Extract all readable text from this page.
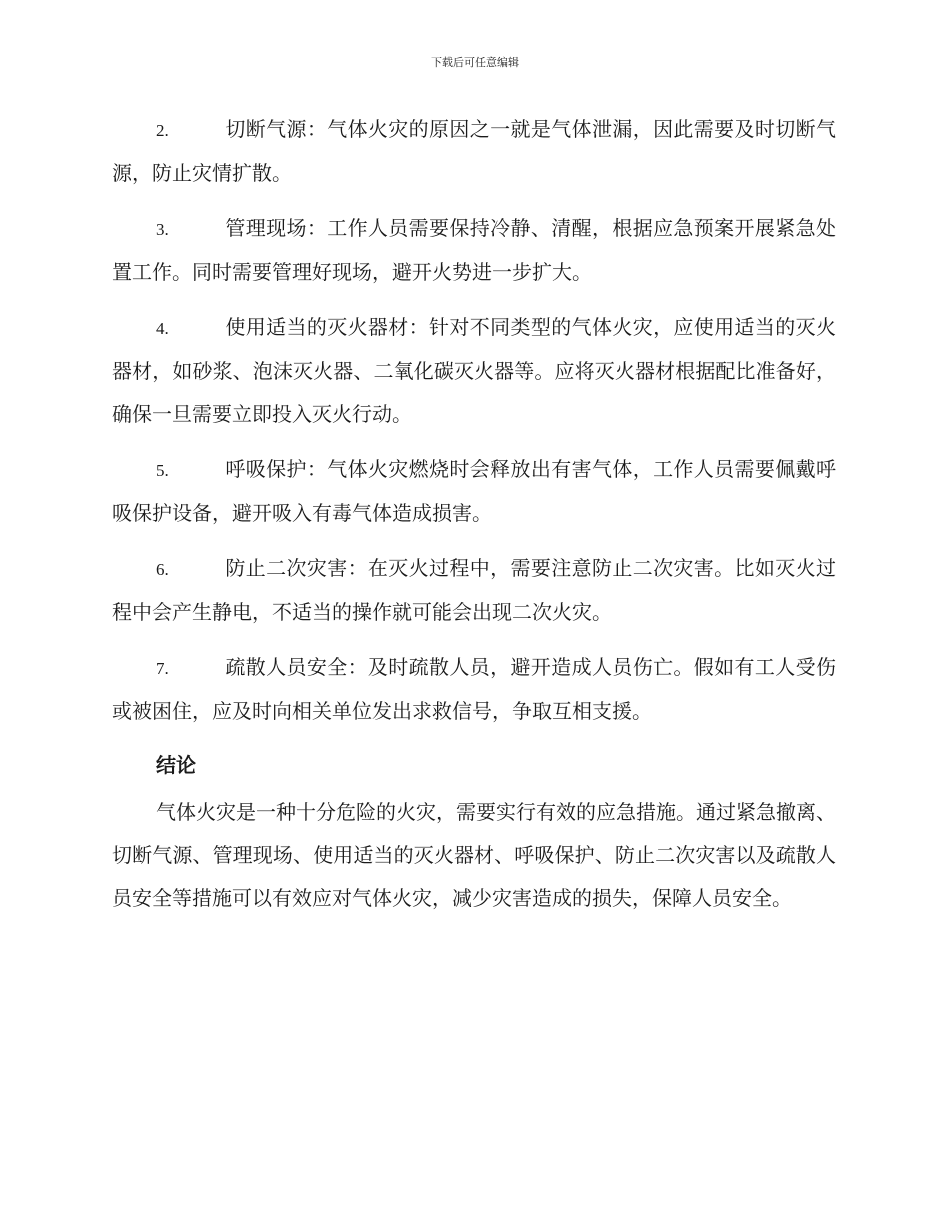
下载后可任意编辑
2.	切断气源：气体火灾的原因之一就是气体泄漏，因此需要及时切断气源，防止灾情扩散。
3.	管理现场：工作人员需要保持冷静、清醒，根据应急预案开展紧急处置工作。同时需要管理好现场，避开火势进一步扩大。
4.	使用适当的灭火器材：针对不同类型的气体火灾，应使用适当的灭火器材，如砂浆、泡沫灭火器、二氧化碳灭火器等。应将灭火器材根据配比准备好，确保一旦需要立即投入灭火行动。
5.	呼吸保护：气体火灾燃烧时会释放出有害气体，工作人员需要佩戴呼吸保护设备，避开吸入有毒气体造成损害。
6.	防止二次灾害：在灭火过程中，需要注意防止二次灾害。比如灭火过程中会产生静电，不适当的操作就可能会出现二次火灾。
7.	疏散人员安全：及时疏散人员，避开造成人员伤亡。假如有工人受伤或被困住，应及时向相关单位发出求救信号，争取互相支援。
结论

气体火灾是一种十分危险的火灾，需要实行有效的应急措施。通过紧急撤离、切断气源、管理现场、使用适当的灭火器材、呼吸保护、防止二次灾害以及疏散人员安全等措施可以有效应对气体火灾，减少灾害造成的损失，保障人员安全。
